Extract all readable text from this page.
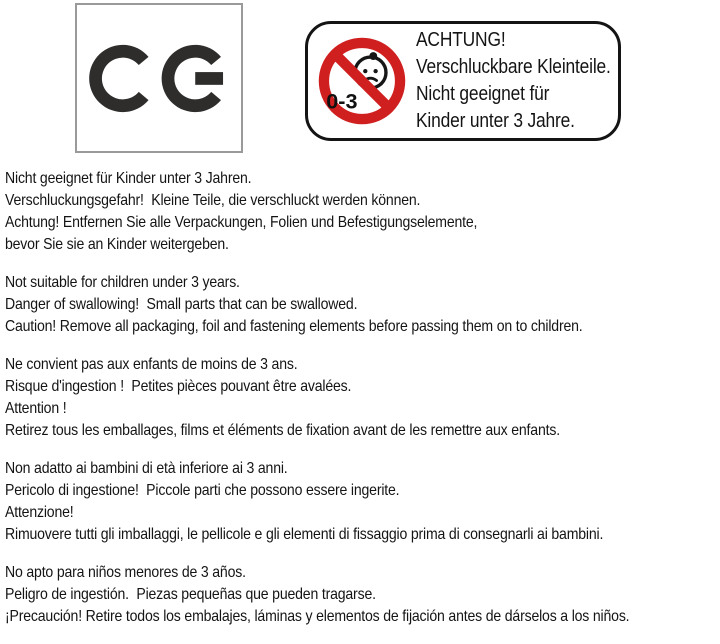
0-3
ACHTUNG!
Verschluckbare Kleinteile.
Nicht geeignet für
Kinder unter 3 Jahre.
Nicht geeignet für Kinder unter 3 Jahren.
Verschluckungsgefahr!  Kleine Teile, die verschluckt werden können.
Achtung! Entfernen Sie alle Verpackungen, Folien und Befestigungselemente,
bevor Sie sie an Kinder weitergeben.
Not suitable for children under 3 years.
Danger of swallowing!  Small parts that can be swallowed.
Caution! Remove all packaging, foil and fastening elements before passing them on to children.
Ne convient pas aux enfants de moins de 3 ans.
Risque d'ingestion !  Petites pièces pouvant être avalées.
Attention !
Retirez tous les emballages, films et éléments de fixation avant de les remettre aux enfants.
Non adatto ai bambini di età inferiore ai 3 anni.
Pericolo di ingestione!  Piccole parti che possono essere ingerite.
Attenzione!
Rimuovere tutti gli imballaggi, le pellicole e gli elementi di fissaggio prima di consegnarli ai bambini.
No apto para niños menores de 3 años.
Peligro de ingestión.  Piezas pequeñas que pueden tragarse.
¡Precaución! Retire todos los embalajes, láminas y elementos de fijación antes de dárselos a los niños.
